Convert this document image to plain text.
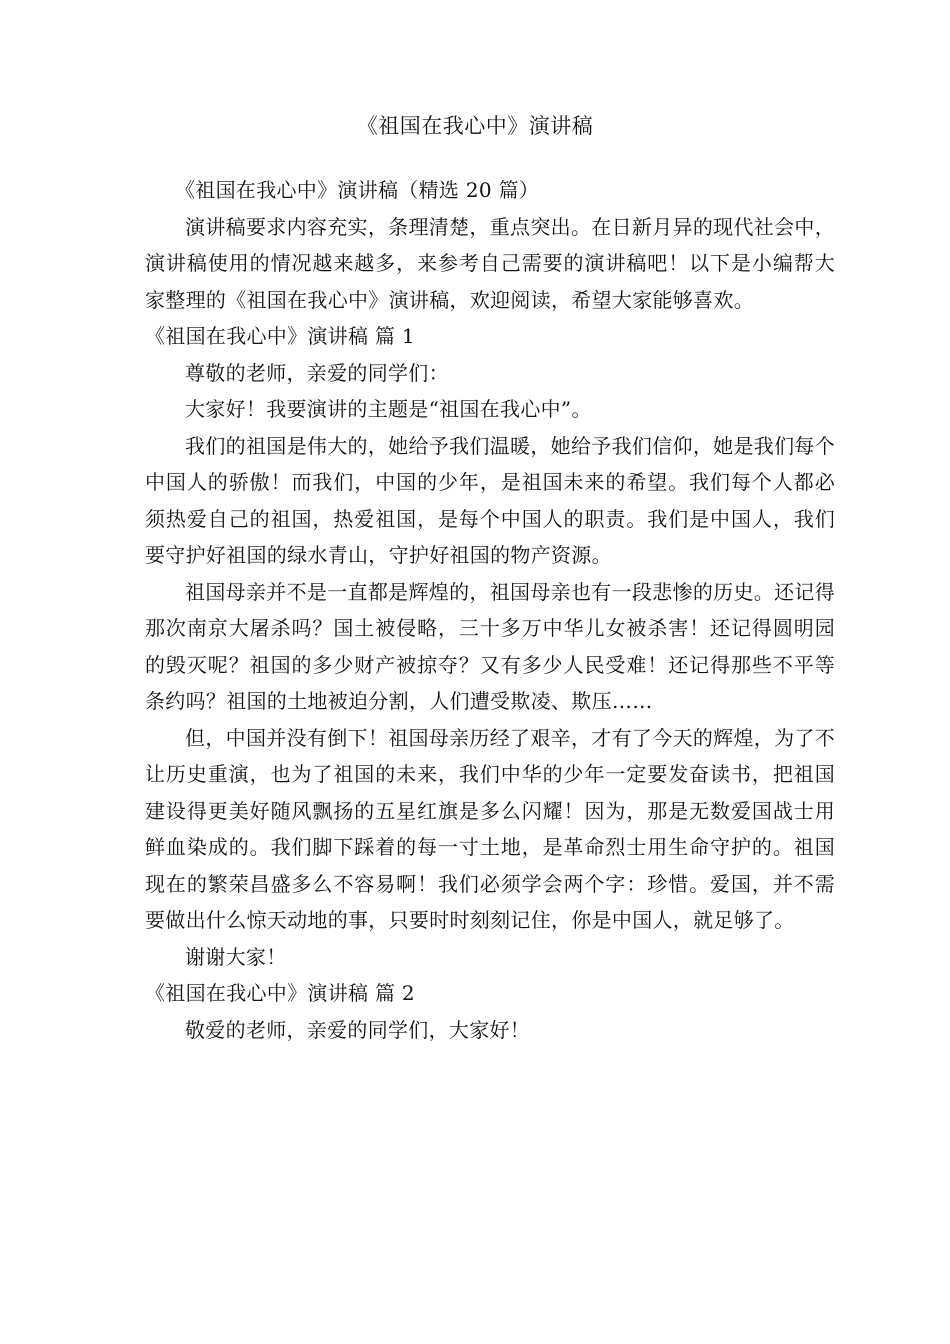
《祖国在我心中》演讲稿

《祖国在我心中》演讲稿（精选 20 篇）

演讲稿要求内容充实，条理清楚，重点突出。在日新月异的现代社会中，演讲稿使用的情况越来越多，来参考自己需要的演讲稿吧！以下是小编帮大家整理的《祖国在我心中》演讲稿，欢迎阅读，希望大家能够喜欢。

《祖国在我心中》演讲稿 篇 1

尊敬的老师，亲爱的同学们：

大家好！我要演讲的主题是“祖国在我心中”。

我们的祖国是伟大的，她给予我们温暖，她给予我们信仰，她是我们每个中国人的骄傲！而我们，中国的少年，是祖国未来的希望。我们每个人都必须热爱自己的祖国，热爱祖国，是每个中国人的职责。我们是中国人，我们要守护好祖国的绿水青山，守护好祖国的物产资源。

祖国母亲并不是一直都是辉煌的，祖国母亲也有一段悲惨的历史。还记得那次南京大屠杀吗？国土被侵略，三十多万中华儿女被杀害！还记得圆明园的毁灭呢？祖国的多少财产被掠夺？又有多少人民受难！还记得那些不平等条约吗？祖国的土地被迫分割，人们遭受欺凌、欺压……

但，中国并没有倒下！祖国母亲历经了艰辛，才有了今天的辉煌，为了不让历史重演，也为了祖国的未来，我们中华的少年一定要发奋读书，把祖国建设得更美好随风飘扬的五星红旗是多么闪耀！因为，那是无数爱国战士用鲜血染成的。我们脚下踩着的每一寸土地，是革命烈士用生命守护的。祖国现在的繁荣昌盛多么不容易啊！我们必须学会两个字：珍惜。爱国，并不需要做出什么惊天动地的事，只要时时刻刻记住，你是中国人，就足够了。

谢谢大家！

《祖国在我心中》演讲稿 篇 2

敬爱的老师，亲爱的同学们，大家好！
